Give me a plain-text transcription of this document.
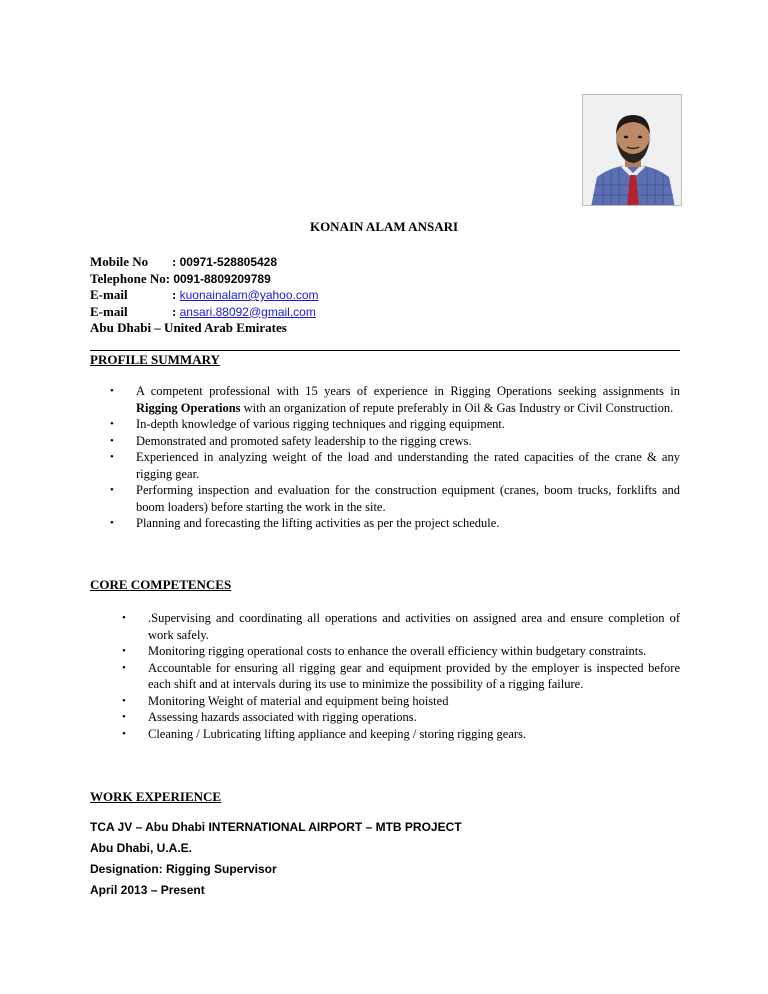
KONAIN ALAM ANSARI
Mobile No : 00971-528805428
Telephone No: 0091-8809209789
E-mail	: kuonainalam@yahoo.com
E-mail	: ansari.88092@gmail.com
Abu Dhabi – United Arab Emirates
PROFILE SUMMARY
• A competent professional with 15 years of experience in Rigging Operations seeking assignments in Rigging Operations with an organization of repute preferably in Oil & Gas Industry or Civil Construction.
• In-depth knowledge of various rigging techniques and rigging equipment.
• Demonstrated and promoted safety leadership to the rigging crews.
• Experienced in analyzing weight of the load and understanding the rated capacities of the crane & any rigging gear.
• Performing inspection and evaluation for the construction equipment (cranes, boom trucks, forklifts and boom loaders) before starting the work in the site.
• Planning and forecasting the lifting activities as per the project schedule.
CORE COMPETENCES
• .Supervising and coordinating all operations and activities on assigned area and ensure completion of work safely.
• Monitoring rigging operational costs to enhance the overall efficiency within budgetary constraints.
• Accountable for ensuring all rigging gear and equipment provided by the employer is inspected before each shift and at intervals during its use to minimize the possibility of a rigging failure.
• Monitoring Weight of material and equipment being hoisted
• Assessing hazards associated with rigging operations.
• Cleaning / Lubricating lifting appliance and keeping / storing rigging gears.
WORK EXPERIENCE
TCA JV – Abu Dhabi INTERNATIONAL AIRPORT – MTB PROJECT
Abu Dhabi, U.A.E.
Designation: Rigging Supervisor
April 2013 – Present
